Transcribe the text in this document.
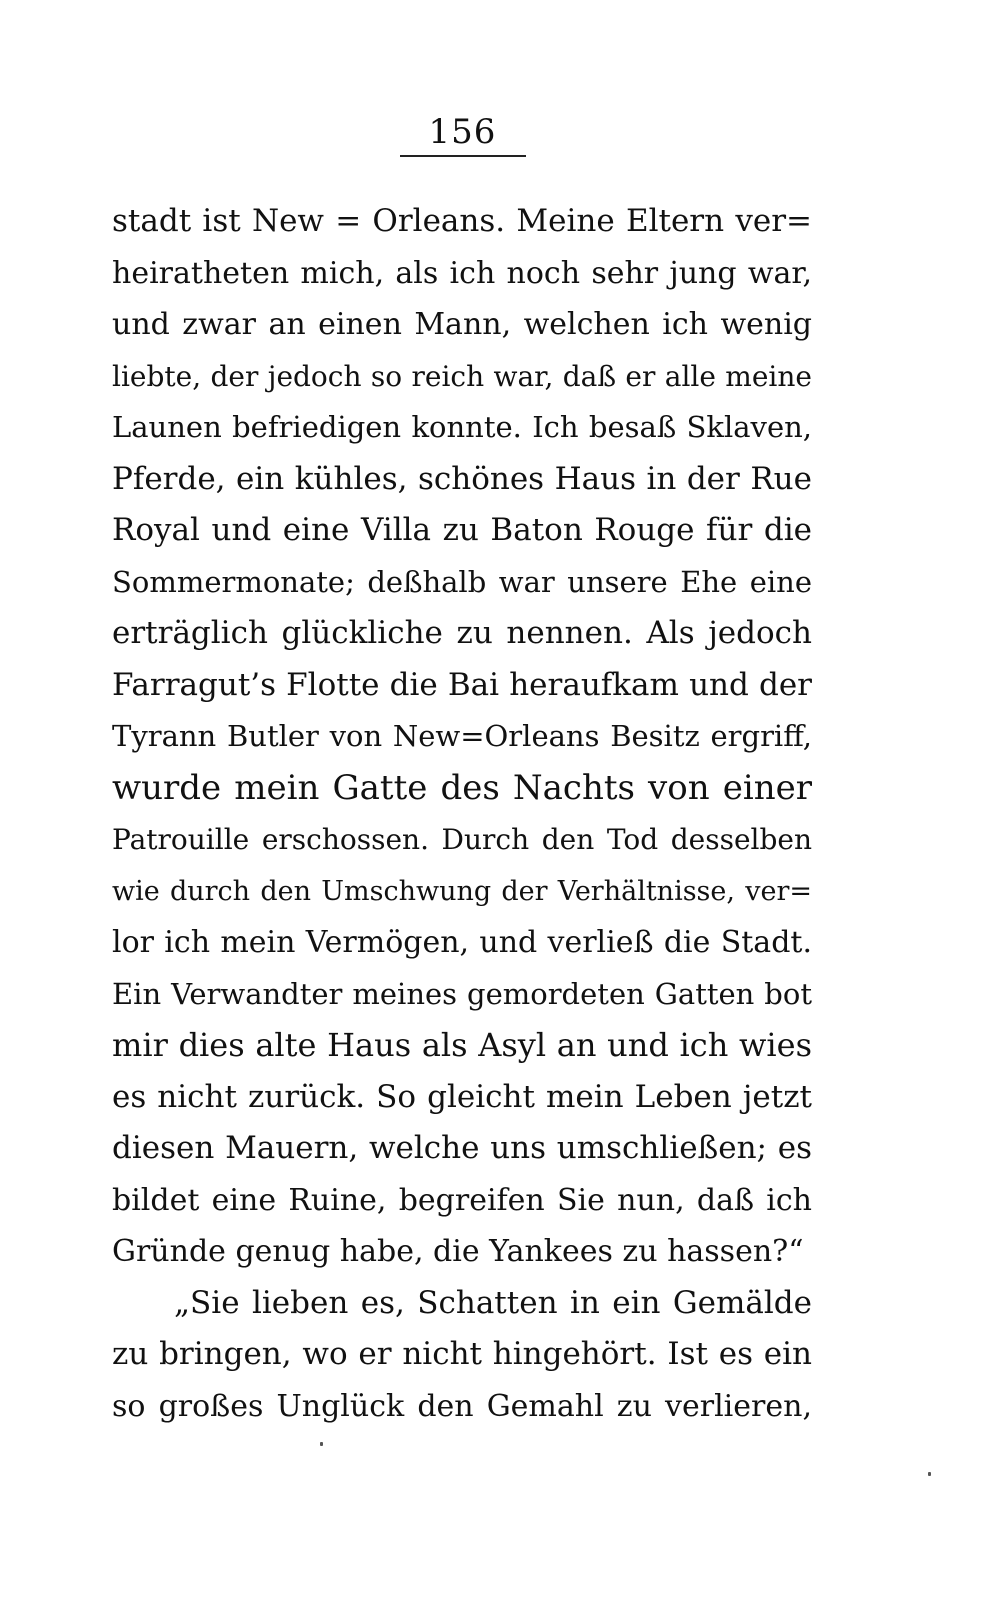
156
stadt ist New = Orleans. Meine Eltern ver=
heiratheten mich, als ich noch sehr jung war,
und zwar an einen Mann, welchen ich wenig
liebte, der jedoch so reich war, daß er alle meine
Launen befriedigen konnte. Ich besaß Sklaven,
Pferde, ein kühles, schönes Haus in der Rue
Royal und eine Villa zu Baton Rouge für die
Sommermonate; deßhalb war unsere Ehe eine
erträglich glückliche zu nennen. Als jedoch
Farragut’s Flotte die Bai heraufkam und der
Tyrann Butler von New=Orleans Besitz ergriff,
wurde mein Gatte des Nachts von einer
Patrouille erschossen. Durch den Tod desselben
wie durch den Umschwung der Verhältnisse, ver=
lor ich mein Vermögen, und verließ die Stadt.
Ein Verwandter meines gemordeten Gatten bot
mir dies alte Haus als Asyl an und ich wies
es nicht zurück. So gleicht mein Leben jetzt
diesen Mauern, welche uns umschließen; es
bildet eine Ruine, begreifen Sie nun, daß ich
Gründe genug habe, die Yankees zu hassen?“
„Sie lieben es, Schatten in ein Gemälde
zu bringen, wo er nicht hingehört. Ist es ein
so großes Unglück den Gemahl zu verlieren,
